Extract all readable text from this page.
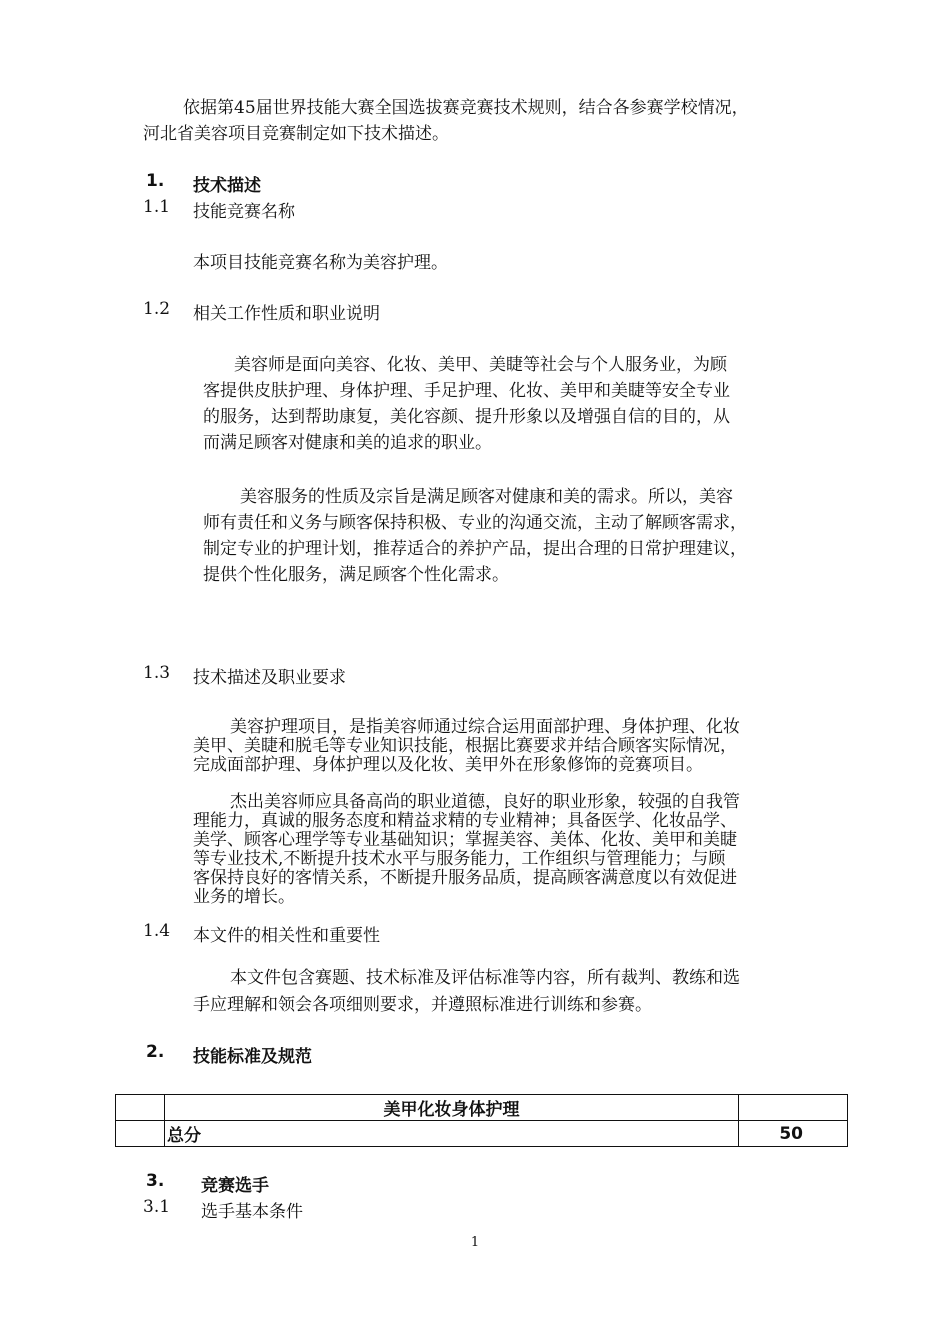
依据第45届世界技能大赛全国选拔赛竞赛技术规则，结合各参赛学校情况，
河北省美容项目竞赛制定如下技术描述。
1. 技术描述
1.1 技能竞赛名称
本项目技能竞赛名称为美容护理。
1.2 相关工作性质和职业说明
美容师是面向美容、化妆、美甲、美睫等社会与个人服务业，为顾
客提供皮肤护理、身体护理、手足护理、化妆、美甲和美睫等安全专业
的服务，达到帮助康复，美化容颜、提升形象以及增强自信的目的，从
而满足顾客对健康和美的追求的职业。
美容服务的性质及宗旨是满足顾客对健康和美的需求。所以，美容
师有责任和义务与顾客保持积极、专业的沟通交流，主动了解顾客需求，
制定专业的护理计划，推荐适合的养护产品，提出合理的日常护理建议，
提供个性化服务，满足顾客个性化需求。
1.3 技术描述及职业要求
美容护理项目，是指美容师通过综合运用面部护理、身体护理、化妆
美甲、美睫和脱毛等专业知识技能，根据比赛要求并结合顾客实际情况，
完成面部护理、身体护理以及化妆、美甲外在形象修饰的竞赛项目。
杰出美容师应具备高尚的职业道德，良好的职业形象，较强的自我管
理能力，真诚的服务态度和精益求精的专业精神；具备医学、化妆品学、
美学、顾客心理学等专业基础知识；掌握美容、美体、化妆、美甲和美睫
等专业技术,不断提升技术水平与服务能力，工作组织与管理能力；与顾
客保持良好的客情关系，不断提升服务品质，提高顾客满意度以有效促进
业务的增长。
1.4 本文件的相关性和重要性
本文件包含赛题、技术标准及评估标准等内容，所有裁判、教练和选
手应理解和领会各项细则要求，并遵照标准进行训练和参赛。
2. 技能标准及规范
	美甲化妆身体护理	
	总分	50
3. 竞赛选手
3.1 选手基本条件
1
